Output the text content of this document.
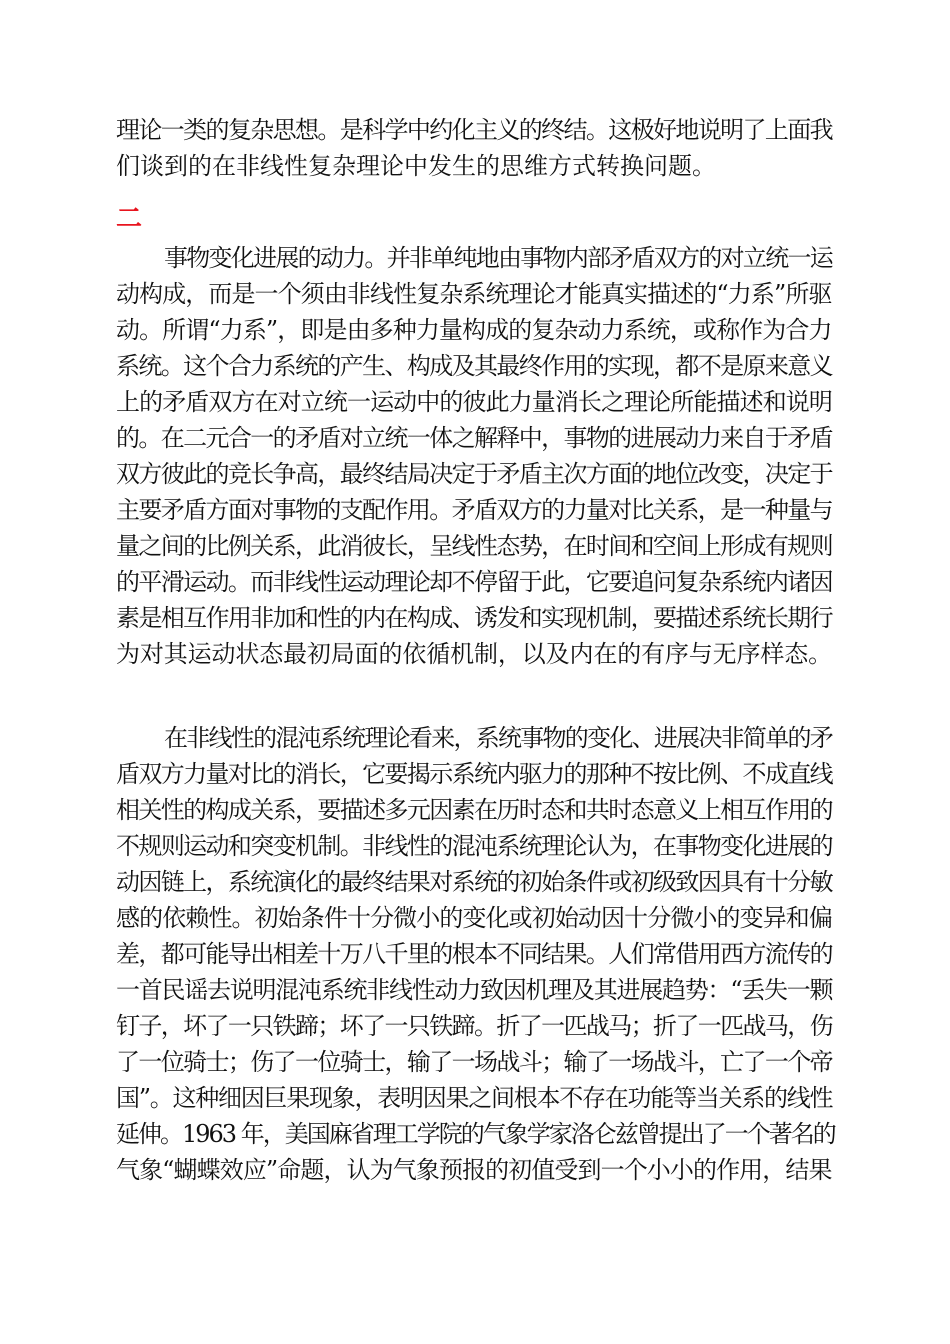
理论一类的复杂思想。是科学中约化主义的终结。这极好地说明了上面我
们谈到的在非线性复杂理论中发生的思维方式转换问题。
二
事物变化进展的动力。并非单纯地由事物内部矛盾双方的对立统一运
动构成，而是一个须由非线性复杂系统理论才能真实描述的“力系”所驱
动。所谓“力系”，即是由多种力量构成的复杂动力系统，或称作为合力
系统。这个合力系统的产生、构成及其最终作用的实现，都不是原来意义
上的矛盾双方在对立统一运动中的彼此力量消长之理论所能描述和说明
的。在二元合一的矛盾对立统一体之解释中，事物的进展动力来自于矛盾
双方彼此的竞长争高，最终结局决定于矛盾主次方面的地位改变，决定于
主要矛盾方面对事物的支配作用。矛盾双方的力量对比关系，是一种量与
量之间的比例关系，此消彼长，呈线性态势，在时间和空间上形成有规则
的平滑运动。而非线性运动理论却不停留于此，它要追问复杂系统内诸因
素是相互作用非加和性的内在构成、诱发和实现机制，要描述系统长期行
为对其运动状态最初局面的依循机制，以及内在的有序与无序样态。
在非线性的混沌系统理论看来，系统事物的变化、进展决非简单的矛
盾双方力量对比的消长，它要揭示系统内驱力的那种不按比例、不成直线
相关性的构成关系，要描述多元因素在历时态和共时态意义上相互作用的
不规则运动和突变机制。非线性的混沌系统理论认为，在事物变化进展的
动因链上，系统演化的最终结果对系统的初始条件或初级致因具有十分敏
感的依赖性。初始条件十分微小的变化或初始动因十分微小的变异和偏
差，都可能导出相差十万八千里的根本不同结果。人们常借用西方流传的
一首民谣去说明混沌系统非线性动力致因机理及其进展趋势：“丢失一颗
钉子，坏了一只铁蹄；坏了一只铁蹄。折了一匹战马；折了一匹战马，伤
了一位骑士；伤了一位骑士，输了一场战斗；输了一场战斗，亡了一个帝
国”。这种细因巨果现象，表明因果之间根本不存在功能等当关系的线性
延伸。1963 年，美国麻省理工学院的气象学家洛仑兹曾提出了一个著名的
气象“蝴蝶效应”命题，认为气象预报的初值受到一个小小的作用，结果
